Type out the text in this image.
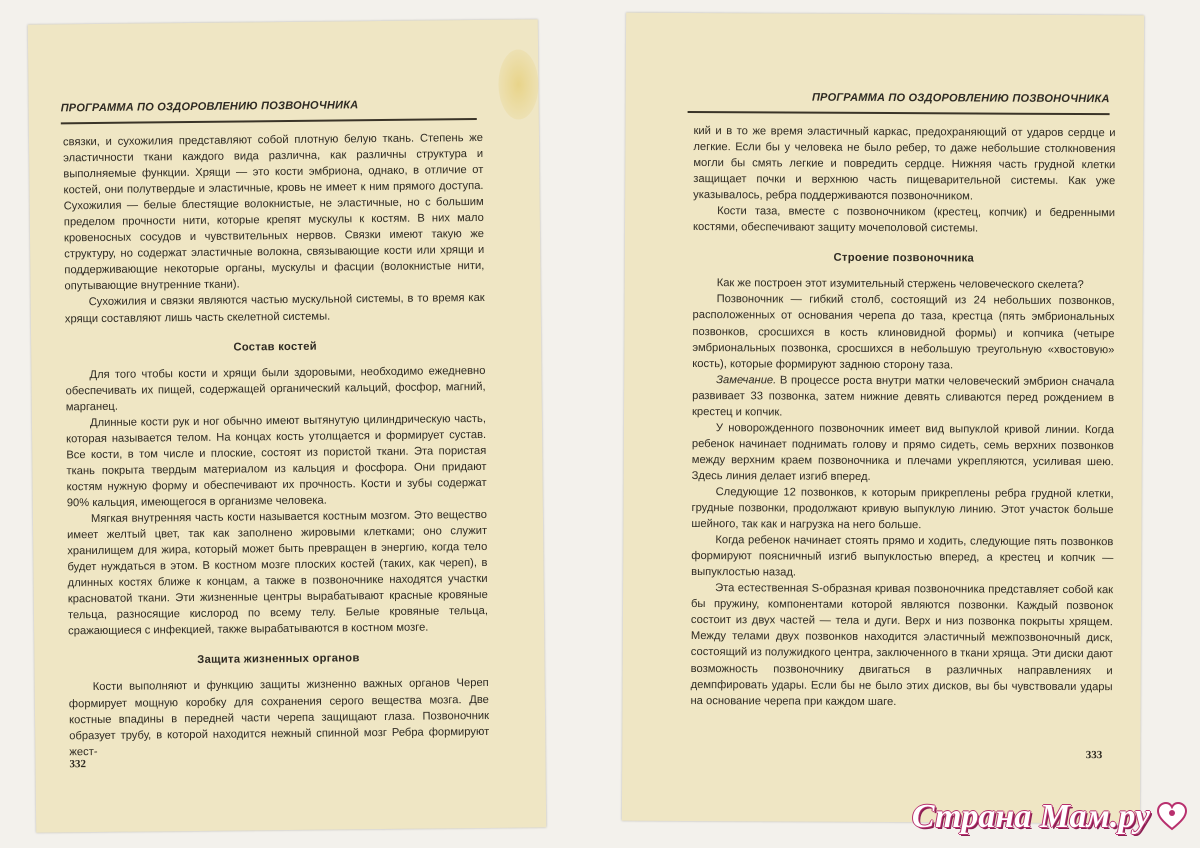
ПРОГРАММА ПО ОЗДОРОВЛЕНИЮ ПОЗВОНОЧНИКА

связки, и сухожилия представляют собой плотную белую ткань. Степень же эластичности ткани каждого вида различна, как различны структура и выполняемые функции. Хрящи — это кости эмбриона, однако, в отличие от костей, они полутвердые и эластичные, кровь не имеет к ним прямого доступа. Сухожилия — белые блестящие волокнистые, не эластичные, но с большим пределом прочности нити, которые крепят мускулы к костям. В них мало кровеносных сосудов и чувствительных нервов. Связки имеют такую же структуру, но содержат эластичные волокна, связывающие кости или хрящи и поддерживающие некоторые органы, мускулы и фасции (волокнистые нити, опутывающие внутренние ткани).

Сухожилия и связки являются частью мускульной системы, в то время как хрящи составляют лишь часть скелетной системы.

Состав костей

Для того чтобы кости и хрящи были здоровыми, необходимо ежедневно обеспечивать их пищей, содержащей органический кальций, фосфор, магний, марганец.

Длинные кости рук и ног обычно имеют вытянутую цилиндрическую часть, которая называется телом. На концах кость утолщается и формирует сустав. Все кости, в том числе и плоские, состоят из пористой ткани. Эта пористая ткань покрыта твердым материалом из кальция и фосфора. Они придают костям нужную форму и обеспечивают их прочность. Кости и зубы содержат 90% кальция, имеющегося в организме человека.

Мягкая внутренняя часть кости называется костным мозгом. Это вещество имеет желтый цвет, так как заполнено жировыми клетками; оно служит хранилищем для жира, который может быть превращен в энергию, когда тело будет нуждаться в этом. В костном мозге плоских костей (таких, как череп), в длинных костях ближе к концам, а также в позвоночнике находятся участки красноватой ткани. Эти жизненные центры вырабатывают красные кровяные тельца, разносящие кислород по всему телу. Белые кровяные тельца, сражающиеся с инфекцией, также вырабатываются в костном мозге.

Защита жизненных органов

Кости выполняют и функцию защиты жизненно важных органов Череп формирует мощную коробку для сохранения серого вещества мозга. Две костные впадины в передней части черепа защищают глаза. Позвоночник образует трубу, в которой находится нежный спинной мозг Ребра формируют жест-

332
ПРОГРАММА ПО ОЗДОРОВЛЕНИЮ ПОЗВОНОЧНИКА

кий и в то же время эластичный каркас, предохраняющий от ударов сердце и легкие. Если бы у человека не было ребер, то даже небольшие столкновения могли бы смять легкие и повредить сердце. Нижняя часть грудной клетки защищает почки и верхнюю часть пищеварительной системы. Как уже указывалось, ребра поддерживаются позвоночником.

Кости таза, вместе с позвоночником (крестец, копчик) и бедренными костями, обеспечивают защиту мочеполовой системы.

Строение позвоночника

Как же построен этот изумительный стержень человеческого скелета?

Позвоночник — гибкий столб, состоящий из 24 небольших позвонков, расположенных от основания черепа до таза, крестца (пять эмбриональных позвонков, сросшихся в кость клиновидной формы) и копчика (четыре эмбриональных позвонка, сросшихся в небольшую треугольную «хвостовую» кость), которые формируют заднюю сторону таза.

Замечание. В процессе роста внутри матки человеческий эмбрион сначала развивает 33 позвонка, затем нижние девять сливаются перед рождением в крестец и копчик.

У новорожденного позвоночник имеет вид выпуклой кривой линии. Когда ребенок начинает поднимать голову и прямо сидеть, семь верхних позвонков между верхним краем позвоночника и плечами укрепляются, усиливая шею. Здесь линия делает изгиб вперед.

Следующие 12 позвонков, к которым прикреплены ребра грудной клетки, грудные позвонки, продолжают кривую выпуклую линию. Этот участок больше шейного, так как и нагрузка на него больше.

Когда ребенок начинает стоять прямо и ходить, следующие пять позвонков формируют поясничный изгиб выпуклостью вперед, а крестец и копчик — выпуклостью назад.

Эта естественная S-образная кривая позвоночника представляет собой как бы пружину, компонентами которой являются позвонки. Каждый позвонок состоит из двух частей — тела и дуги. Верх и низ позвонка покрыты хрящем. Между телами двух позвонков находится эластичный межпозвоночный диск, состоящий из полужидкого центра, заключенного в ткани хряща. Эти диски дают возможность позвоночнику двигаться в различных направлениях и демпфировать удары. Если бы не было этих дисков, вы бы чувствовали удары на основание черепа при каждом шаге.

333
Страна Мам.ру
